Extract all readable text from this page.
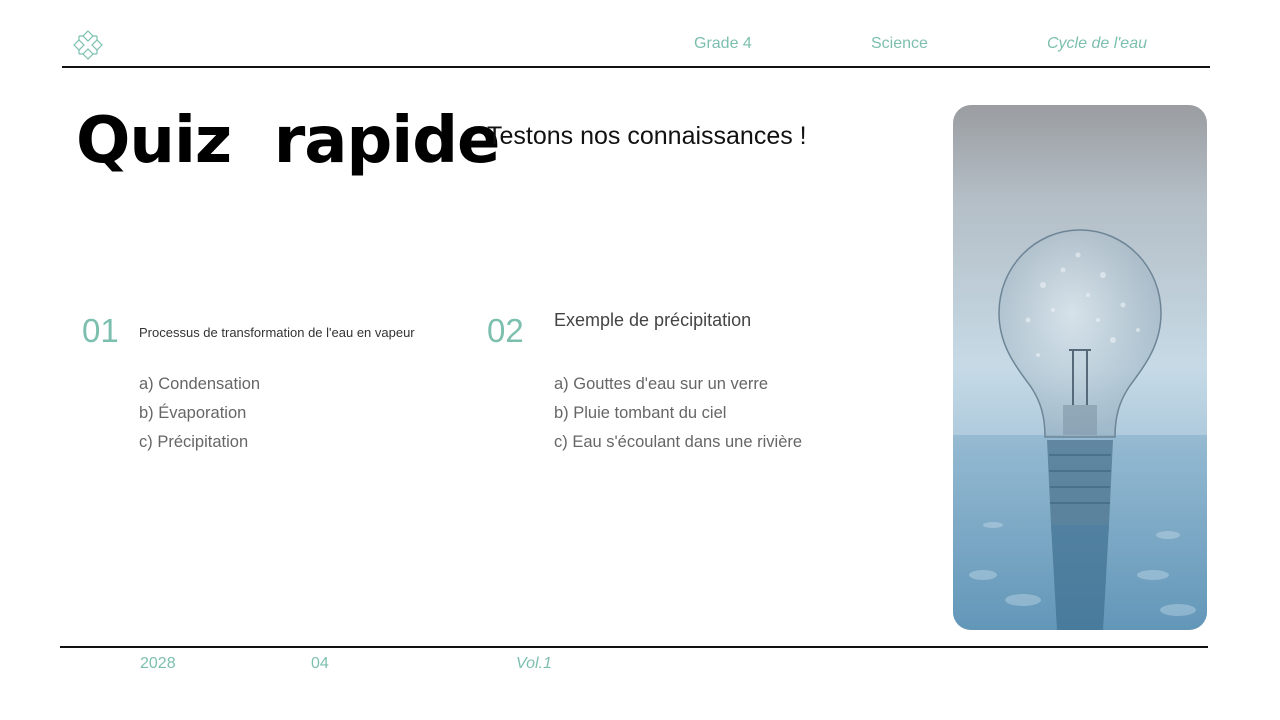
Grade 4	Science	Cycle de l'eau
Quiz  rapide
Testons nos connaissances !
01 Processus de transformation de l'eau en vapeur
a) Condensation
b) Évaporation
c) Précipitation
02 Exemple de précipitation
a) Gouttes d'eau sur un verre
b) Pluie tombant du ciel
c) Eau s'écoulant dans une rivière
2028	04	Vol.1
